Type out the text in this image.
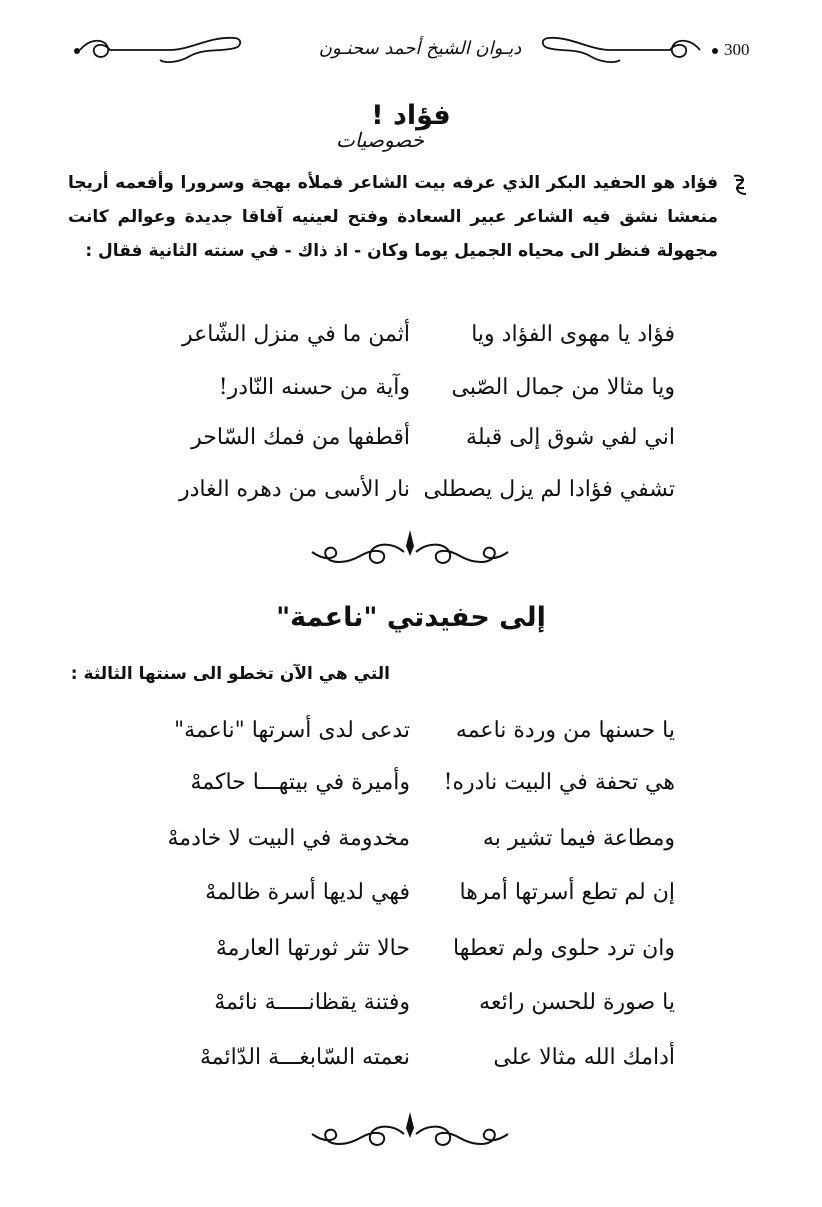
300
ديـوان الشيخ أحمد سحنـون
فؤاد !
خصوصيات
فؤاد هو الحفيد البكر الذي عرفه بيت الشاعر فملأه بهجة وسرورا وأفعمه أريجا منعشا نشق فيه الشاعر عبير السعادة وفتح لعينيه آفاقا جديدة وعوالم كانت مجهولة فنظر الى محياه الجميل يوما وكان - اذ ذاك - في سنته الثانية فقال :
فؤاد يا مهوى الفؤاد ويا
أثمن ما في منزل الشّاعر
ويا مثالا من جمال الصّبى
وآية من حسنه النّادر!
اني لفي شوق إلى قبلة
أقطفها من فمك السّاحر
تشفي فؤادا لم يزل يصطلى
نار الأسى من دهره الغادر
إلى حفيدتي "ناعمة"
التي هي الآن تخطو الى سنتها الثالثة :
يا حسنها من وردة ناعمه
تدعى لدى أسرتها "ناعمة"
هي تحفة في البيت نادره!
وأميرة في بيتهـــا حاكمهْ
ومطاعة فيما تشير به
مخدومة في البيت لا خادمهْ
إن لم تطع أسرتها أمرها
فهي لديها أسرة ظالمهْ
وان ترد حلوى ولم تعطها
حالا تثر ثورتها العارمهْ
يا صورة للحسن رائعه
وفتنة يقظانـــــة نائمهْ
أدامك الله مثالا على
نعمته السّابغـــة الدّائمهْ
